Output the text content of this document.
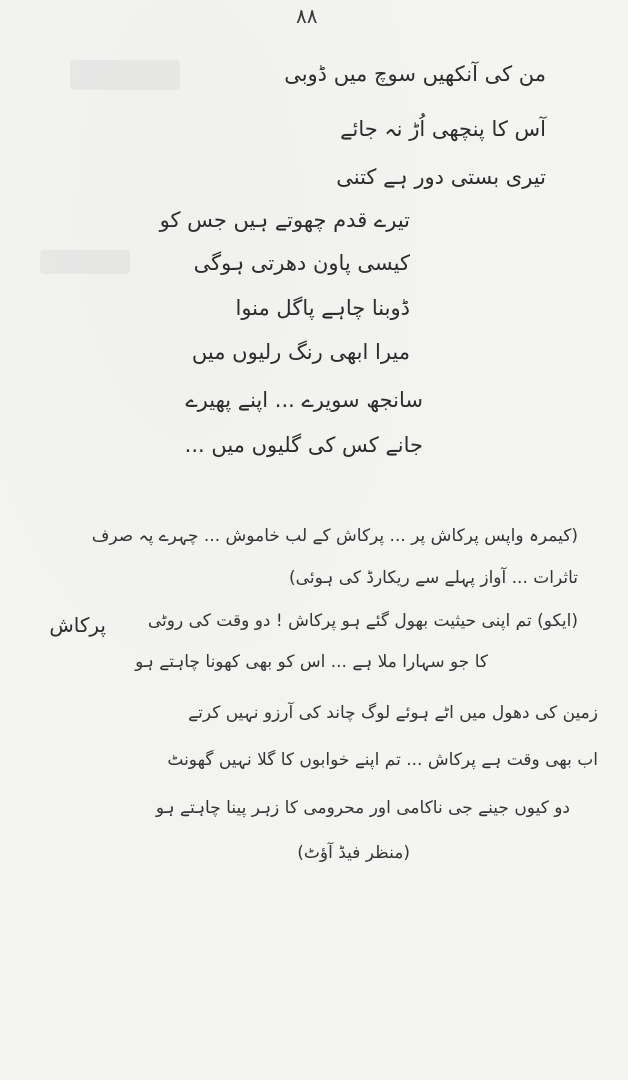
۸۸
من کی آنکھیں سوچ میں ڈوبی
آس کا پنچھی اُڑ نہ جائے
تیری بستی دور ہے کتنی
تیرے قدم چھوتے ہیں جس کو
کیسی پاون دھرتی ہوگی
ڈوبنا چاہے پاگل منوا
میرا ابھی رنگ رلیوں میں
سانجھ سویرے ... اپنے پھیرے
جانے کس کی گلیوں میں ...
(کیمرہ واپس پرکاش پر ... پرکاش کے لب خاموش ... چہرے پہ صرف
تاثرات ... آواز پہلے سے ریکارڈ کی ہوئی)
پرکاش (ایکو) تم اپنی حیثیت بھول گئے ہو پرکاش ! دو وقت کی روٹی
کا جو سہارا ملا ہے ... اس کو بھی کھونا چاہتے ہو
زمین کی دھول میں اٹے ہوئے لوگ چاند کی آرزو نہیں کرتے
اب بھی وقت ہے پرکاش ... تم اپنے خوابوں کا گلا نہیں گھونٹ
دو کیوں جینے جی ناکامی اور محرومی کا زہر پینا چاہتے ہو
(منظر فیڈ آؤٹ)
